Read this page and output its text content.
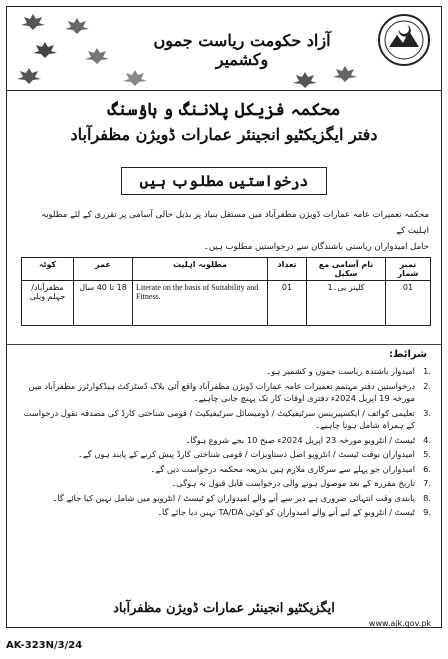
آزاد حکومت ریاست جموں وکشمیر
محکمہ فزیکل پلاننگ و ہاؤسنگ
دفتر ایگزیکٹیو انجینئر عمارات ڈویژن مظفرآباد
درخواستیں مطلوب ہیں
محکمہ تعمیرات عامہ عمارات ڈویژن مظفرآباد میں مستقل بنیاد پر بذیل خالی آسامی پر تقرری کے لئے مطلوبہ اہلیت کے
حامل امیدواران ریاستی باشندگان سے درخواستیں مطلوب ہیں۔
نمبر شمار	نام آسامی مع سکیل	تعداد	مطلوبہ اہلیت	عمر	کوٹہ
01	کلینر بی۔1	01	Literate on the basis of Suitability and Fitness.	18 تا 40 سال	مظفرآباد/جہلم ویلی
شرائط:
1.
امیدوار باشندہ ریاست جموں و کشمیر ہو۔
2.
درخواستیں دفتر مہتمم تعمیرات عامہ عمارات ڈویژن مظفرآباد واقع آئی بلاک ڈسٹرکٹ ہیڈکوارٹرز مظفرآباد میں مورخہ 19 اپریل 2024ء دفتری اوقات کار تک پہنچ جانی چاہیے۔
3.
تعلیمی کوائف / ایکسپیرینس سرٹیفیکیٹ / ڈومیسائل سرٹیفیکیٹ / قومی شناختی کارڈ کی مصدقہ نقول درخواست کے ہمراہ شامل ہونا چاہیے۔
4.
ٹیسٹ / انٹرویو مورخہ 23 اپریل 2024ء صبح 10 بجے شروع ہوگا۔
5.
امیدواران بوقت ٹیسٹ / انٹرویو اصل دستاویزات / قومی شناختی کارڈ پیش کرنے کے پابند ہوں گے۔
6.
امیدواران جو پہلے سے سرکاری ملازم ہیں بذریعہ محکمہ درخواست دیں گے۔
7.
تاریخ مقررہ کے بعد موصول ہونے والی درخواست قابل قبول نہ ہوگی۔
8.
پابندی وقت انتہائی ضروری ہے دیر سے آنے والے امیدواران کو ٹیسٹ / انٹرویو میں شامل نہیں کیا جائے گا۔
9.
ٹیسٹ / انٹرویو کے لیے آنے والے امیدواران کو کوئی TA/DA نہیں دیا جائے گا۔
ایگزیکٹیو انجینئر عمارات ڈویژن مظفرآباد
www.ajk.gov.pk
AK-323N/3/24
